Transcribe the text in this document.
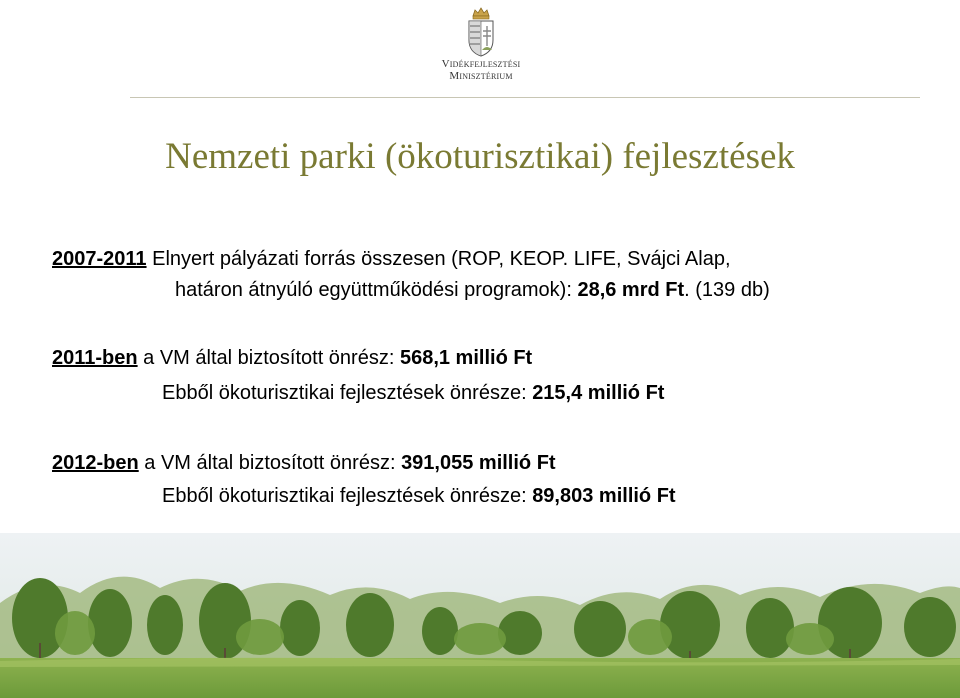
Vidékfejlesztési
Minisztérium
Nemzeti parki (ökoturisztikai) fejlesztések
2007-2011 Elnyert pályázati forrás összesen (ROP, KEOP. LIFE, Svájci Alap,
határon átnyúló együttműködési programok): 28,6 mrd Ft. (139 db)
2011-ben a VM által biztosított önrész: 568,1 millió Ft
Ebből ökoturisztikai fejlesztések önrésze: 215,4 millió Ft
2012-ben a VM által biztosított önrész: 391,055 millió Ft
Ebből ökoturisztikai fejlesztések önrésze: 89,803 millió Ft
